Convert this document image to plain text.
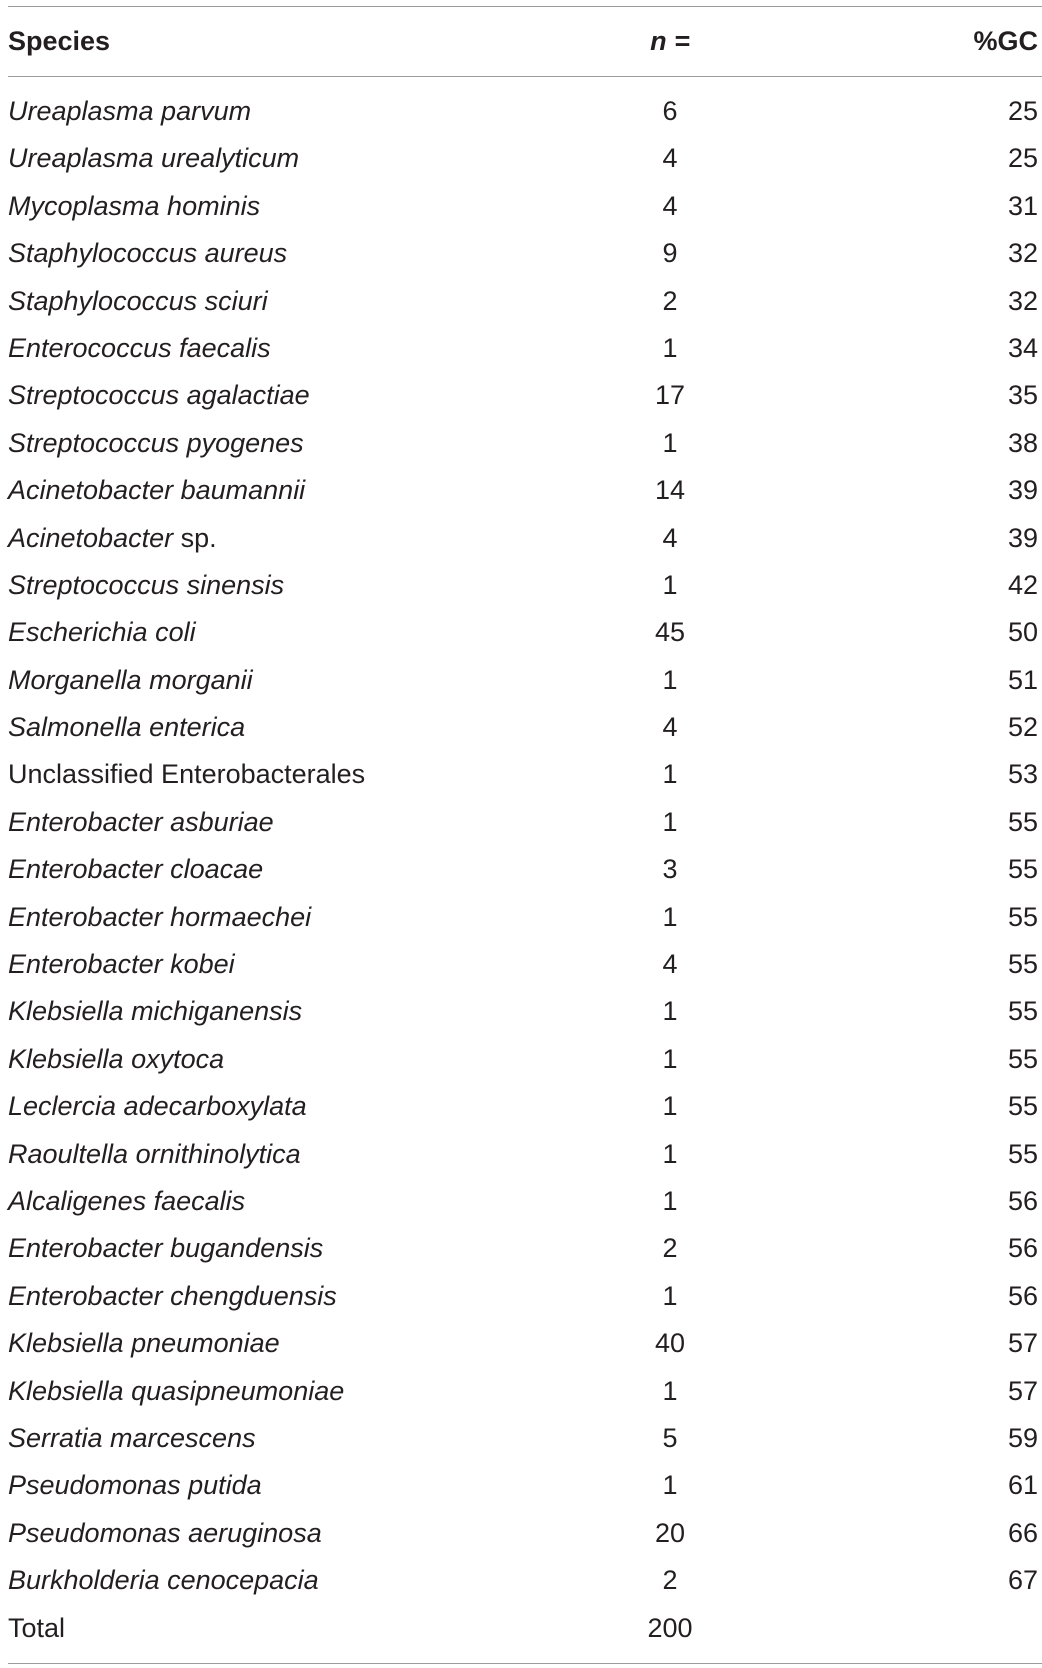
Species	n =	%GC
Ureaplasma parvum	6	25
Ureaplasma urealyticum	4	25
Mycoplasma hominis	4	31
Staphylococcus aureus	9	32
Staphylococcus sciuri	2	32
Enterococcus faecalis	1	34
Streptococcus agalactiae	17	35
Streptococcus pyogenes	1	38
Acinetobacter baumannii	14	39
Acinetobacter sp.	4	39
Streptococcus sinensis	1	42
Escherichia coli	45	50
Morganella morganii	1	51
Salmonella enterica	4	52
Unclassified Enterobacterales	1	53
Enterobacter asburiae	1	55
Enterobacter cloacae	3	55
Enterobacter hormaechei	1	55
Enterobacter kobei	4	55
Klebsiella michiganensis	1	55
Klebsiella oxytoca	1	55
Leclercia adecarboxylata	1	55
Raoultella ornithinolytica	1	55
Alcaligenes faecalis	1	56
Enterobacter bugandensis	2	56
Enterobacter chengduensis	1	56
Klebsiella pneumoniae	40	57
Klebsiella quasipneumoniae	1	57
Serratia marcescens	5	59
Pseudomonas putida	1	61
Pseudomonas aeruginosa	20	66
Burkholderia cenocepacia	2	67
Total	200
